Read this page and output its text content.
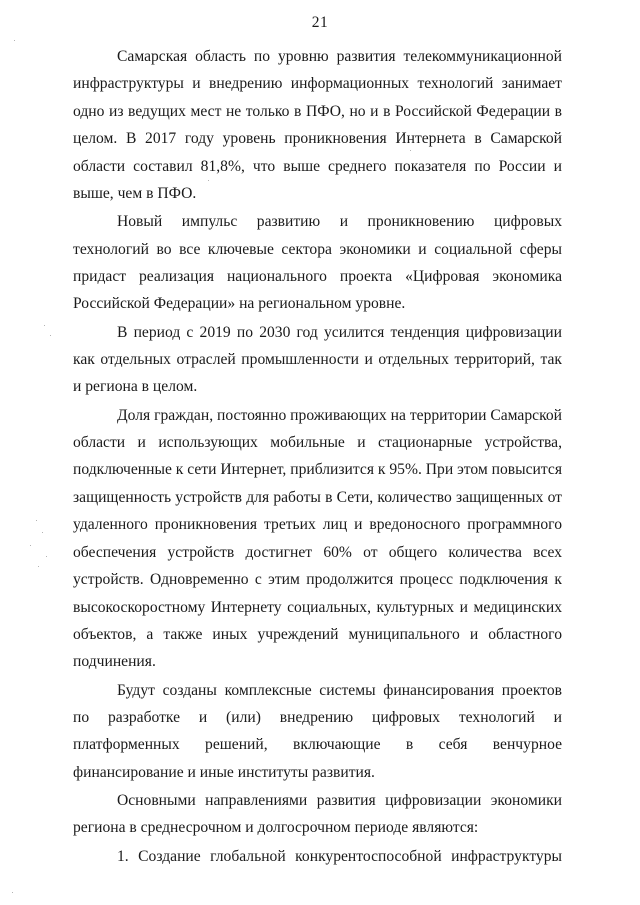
21

Самарская область по уровню развития телекоммуникационной инфраструктуры и внедрению информационных технологий занимает одно из ведущих мест не только в ПФО, но и в Российской Федерации в целом. В 2017 году уровень проникновения Интернета в Самарской области составил 81,8%, что выше среднего показателя по России и выше, чем в ПФО.

Новый импульс развитию и проникновению цифровых технологий во все ключевые сектора экономики и социальной сферы придаст реализация национального проекта «Цифровая экономика Российской Федерации» на региональном уровне.

В период с 2019 по 2030 год усилится тенденция цифровизации как отдельных отраслей промышленности и отдельных территорий, так и региона в целом.

Доля граждан, постоянно проживающих на территории Самарской области и использующих мобильные и стационарные устройства, подключенные к сети Интернет, приблизится к 95%. При этом повысится защищенность устройств для работы в Сети, количество защищенных от удаленного проникновения третьих лиц и вредоносного программного обеспечения устройств достигнет 60% от общего количества всех устройств. Одновременно с этим продолжится процесс подключения к высокоскоростному Интернету социальных, культурных и медицинских объектов, а также иных учреждений муниципального и областного подчинения.

Будут созданы комплексные системы финансирования проектов по разработке и (или) внедрению цифровых технологий и платформенных решений, включающие в себя венчурное финансирование и иные институты развития.

Основными направлениями развития цифровизации экономики региона в среднесрочном и долгосрочном периоде являются:

1. Создание глобальной конкурентоспособной инфраструктуры
